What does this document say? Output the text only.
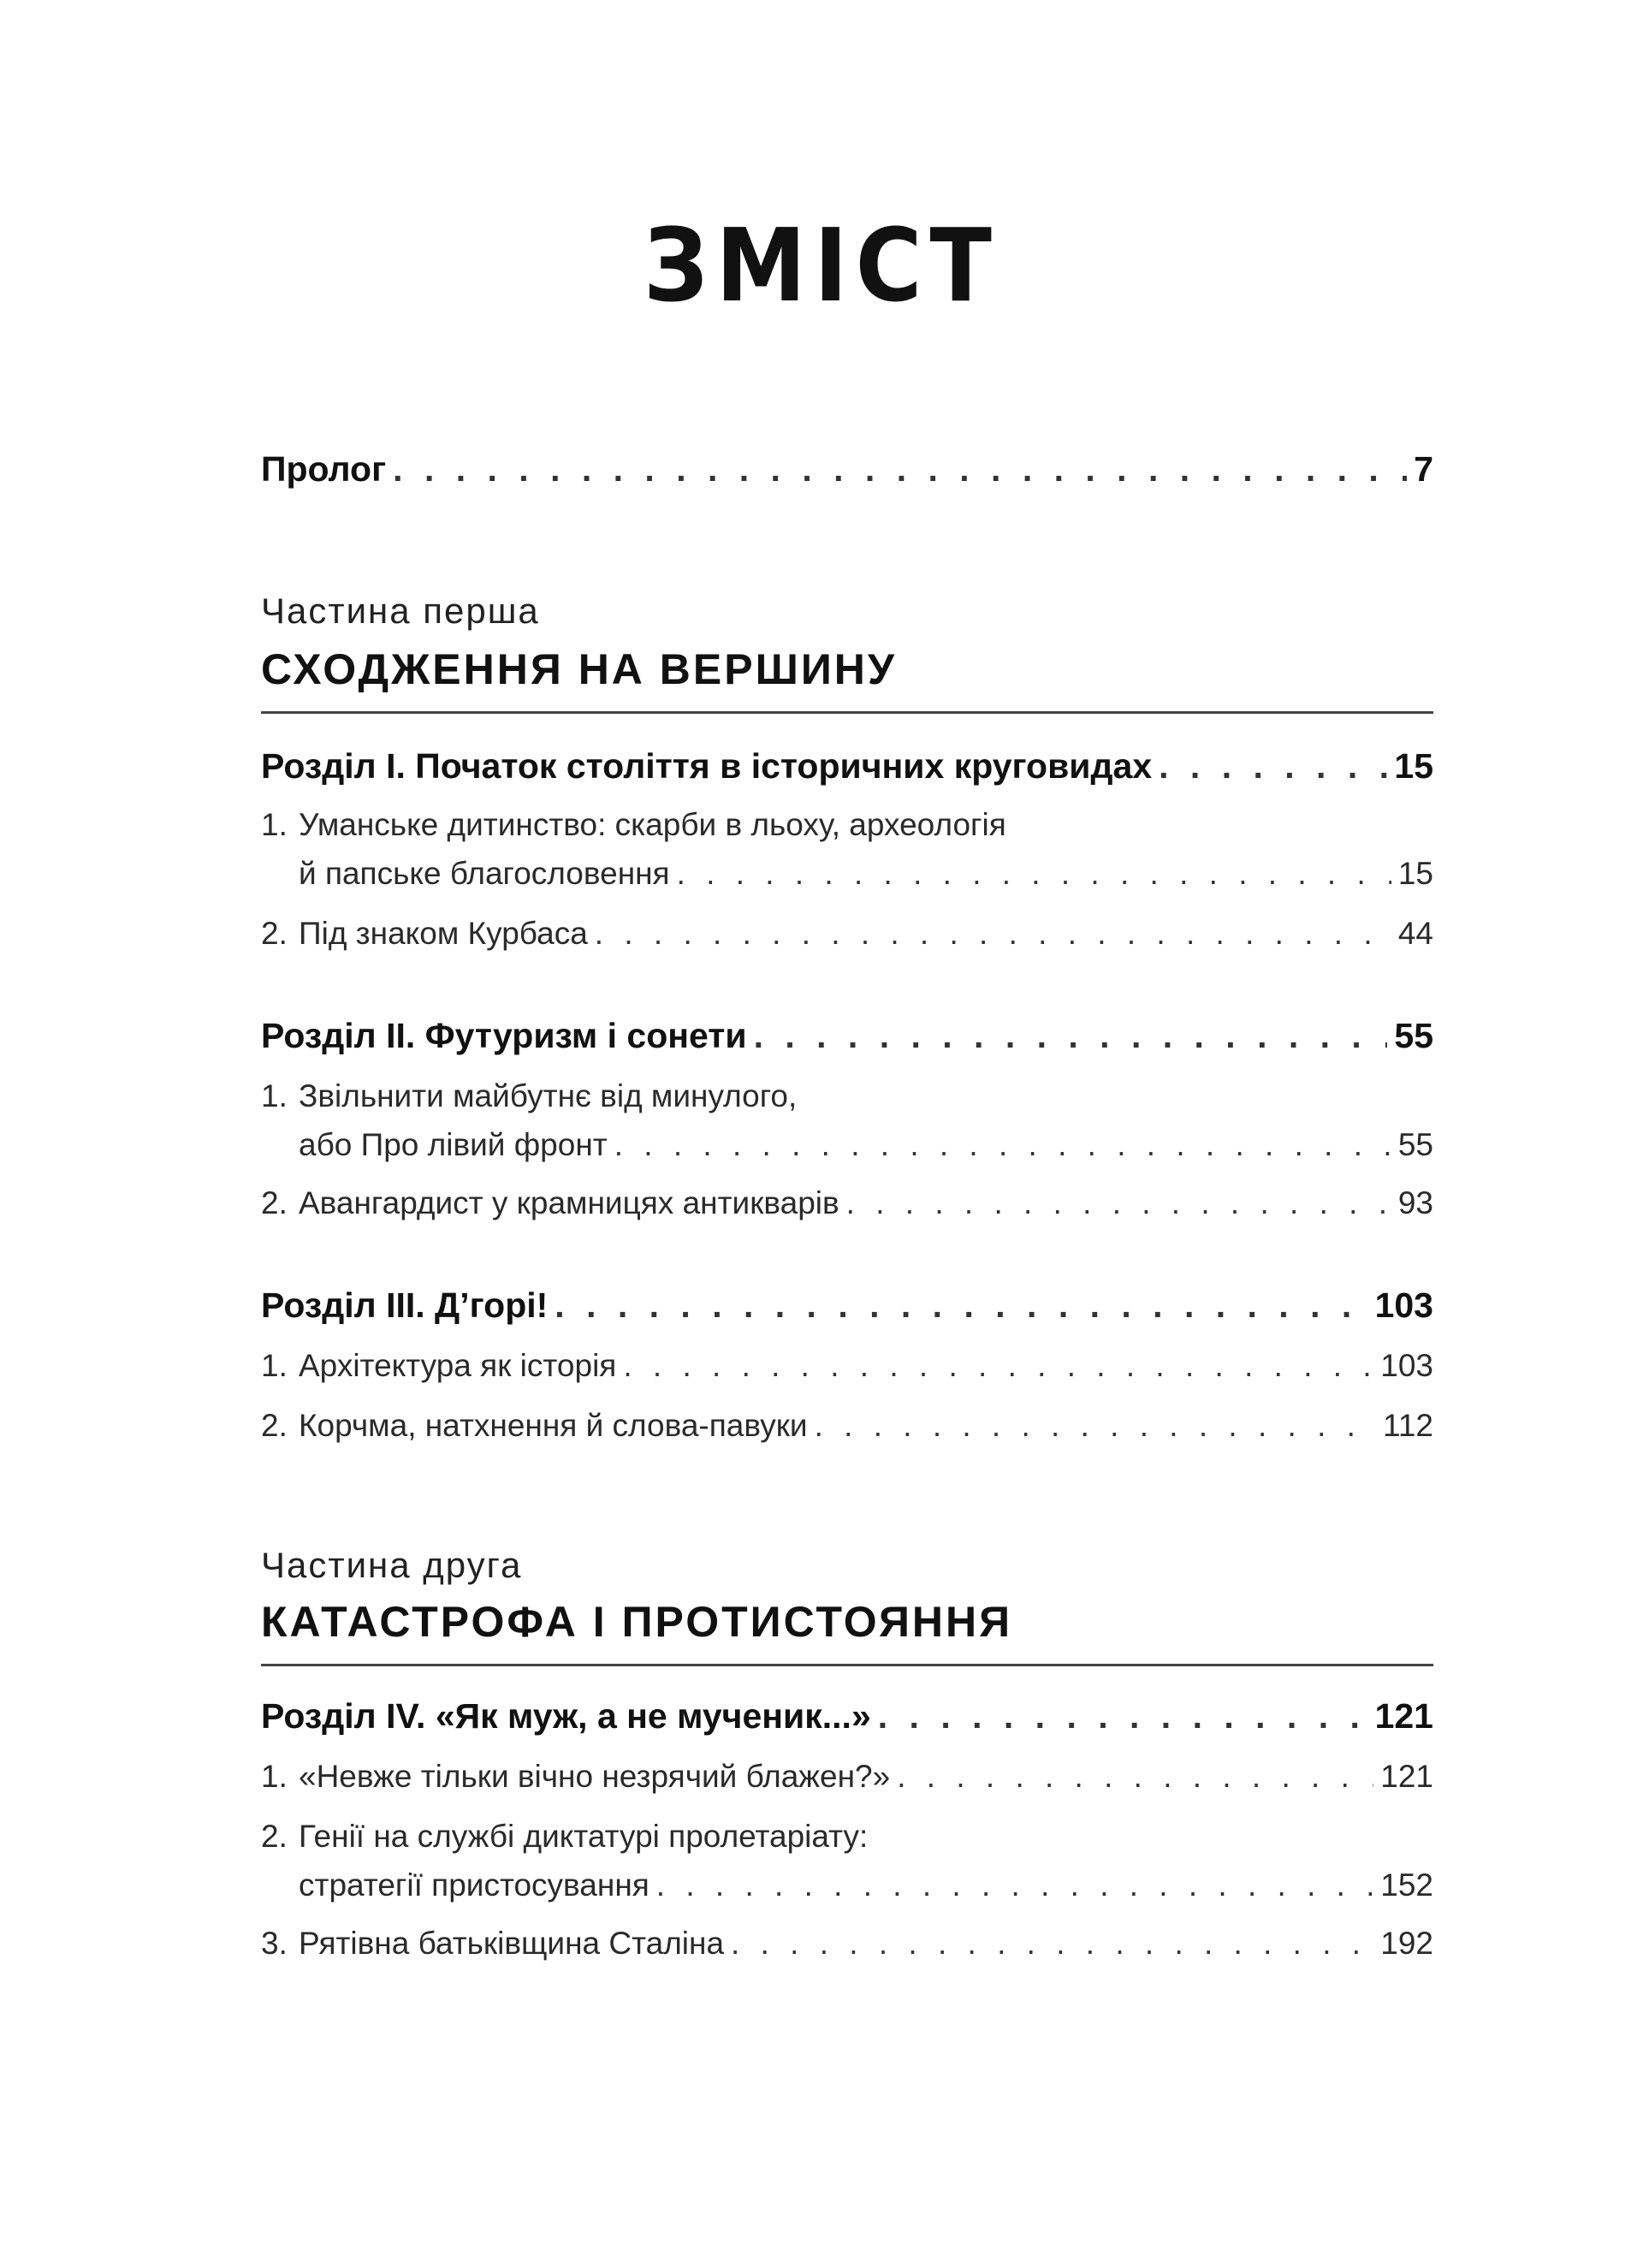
ЗМІСТ
Пролог . . .	7
Частина перша
СХОДЖЕННЯ НА ВЕРШИНУ
Розділ І. Початок століття в історичних круговидах . . .	15
1. Уманське дитинство: скарби в льоху, археологія
й папське благословення . . .	15
2. Під знаком Курбаса . . .	44
Розділ ІІ. Футуризм і сонети . . .	55
1. Звільнити майбутнє від минулого,
або Про лівий фронт . . .	55
2. Авангардист у крамницях антикварів . . .	93
Розділ ІІІ. Д’горі! . . .	103
1. Архітектура як історія . . .	103
2. Корчма, натхнення й слова-павуки . . .	112
Частина друга
КАТАСТРОФА І ПРОТИСТОЯННЯ
Розділ IV. «Як муж, а не мученик...» . . .	121
1. «Невже тільки вічно незрячий блажен?» . . .	121
2. Генії на службі диктатурі пролетаріату:
стратегії пристосування . . .	152
3. Рятівна батьківщина Сталіна . . .	192
